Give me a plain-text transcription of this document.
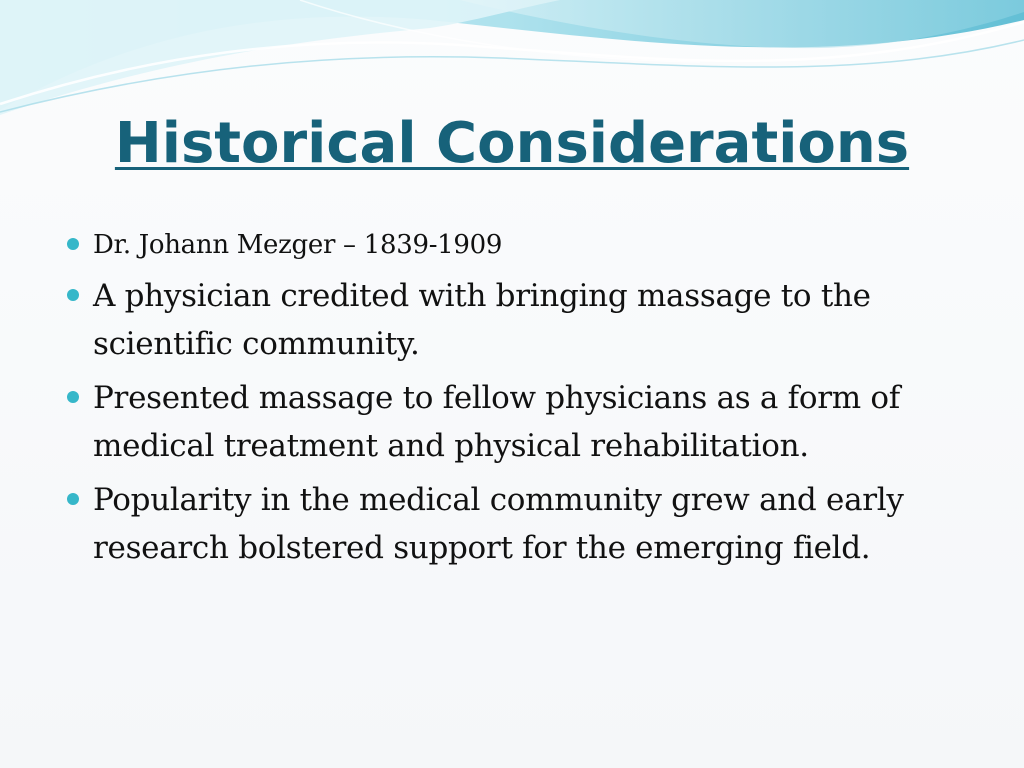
Historical Considerations
Dr. Johann Mezger – 1839-1909
A physician credited with bringing massage to the scientific community.
Presented massage to fellow physicians as a form of medical treatment and physical rehabilitation.
Popularity in the medical community grew and early research bolstered support for the emerging field.
